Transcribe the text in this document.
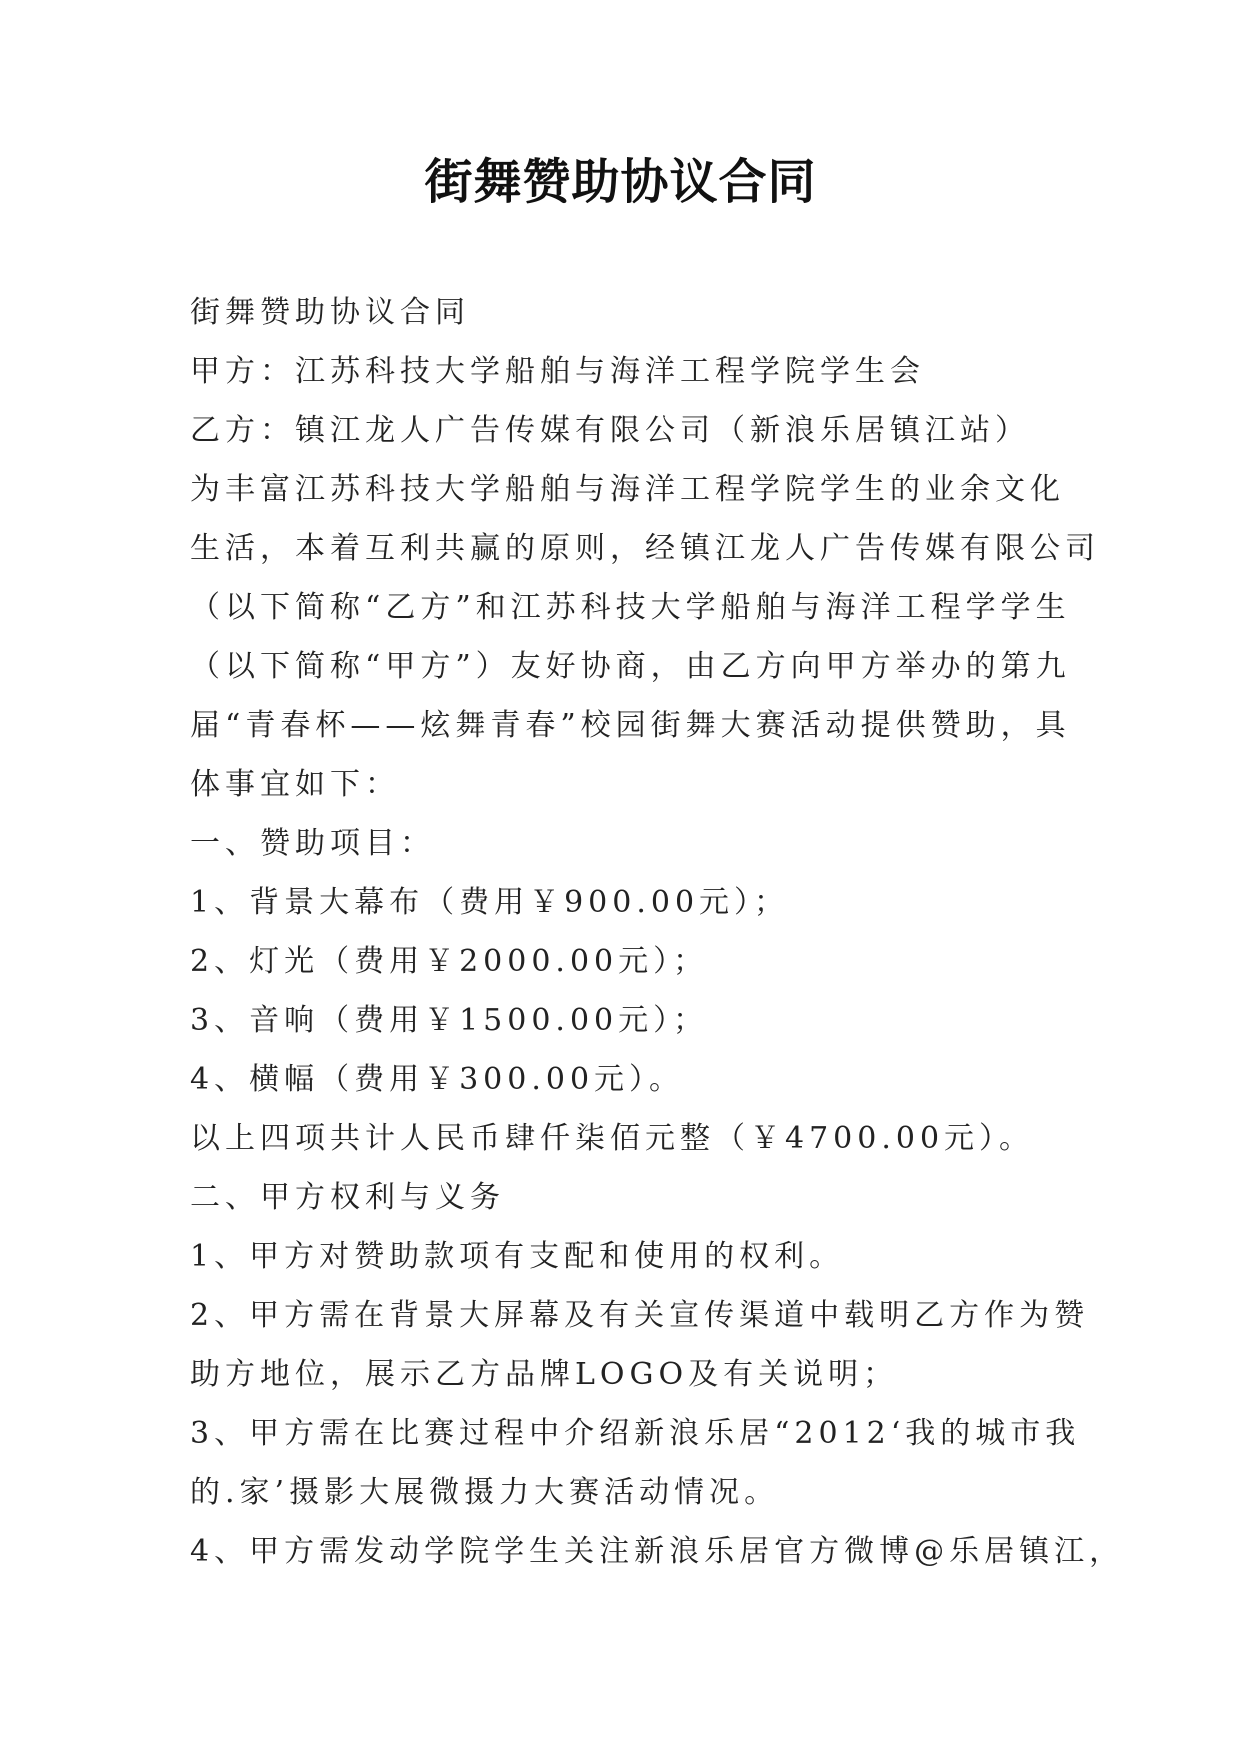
街舞赞助协议合同

街舞赞助协议合同

甲方：江苏科技大学船舶与海洋工程学院学生会

乙方：镇江龙人广告传媒有限公司（新浪乐居镇江站）

为丰富江苏科技大学船舶与海洋工程学院学生的业余文化

生活，本着互利共赢的原则，经镇江龙人广告传媒有限公司

（以下简称“乙方”和江苏科技大学船舶与海洋工程学学生

（以下简称“甲方”）友好协商，由乙方向甲方举办的第九

届“青春杯——炫舞青春”校园街舞大赛活动提供赞助，具

体事宜如下：

一、赞助项目：

1、背景大幕布（费用￥900.00元）；

2、灯光（费用￥2000.00元）；

3、音响（费用￥1500.00元）；

4、横幅（费用￥300.00元）。

以上四项共计人民币肆仟柒佰元整（￥4700.00元）。

二、甲方权利与义务

1、甲方对赞助款项有支配和使用的权利。

2、甲方需在背景大屏幕及有关宣传渠道中载明乙方作为赞

助方地位，展示乙方品牌LOGO及有关说明；

3、甲方需在比赛过程中介绍新浪乐居“2012‘我的城市我

的.家’摄影大展微摄力大赛活动情况。

4、甲方需发动学院学生关注新浪乐居官方微博@乐居镇江，
